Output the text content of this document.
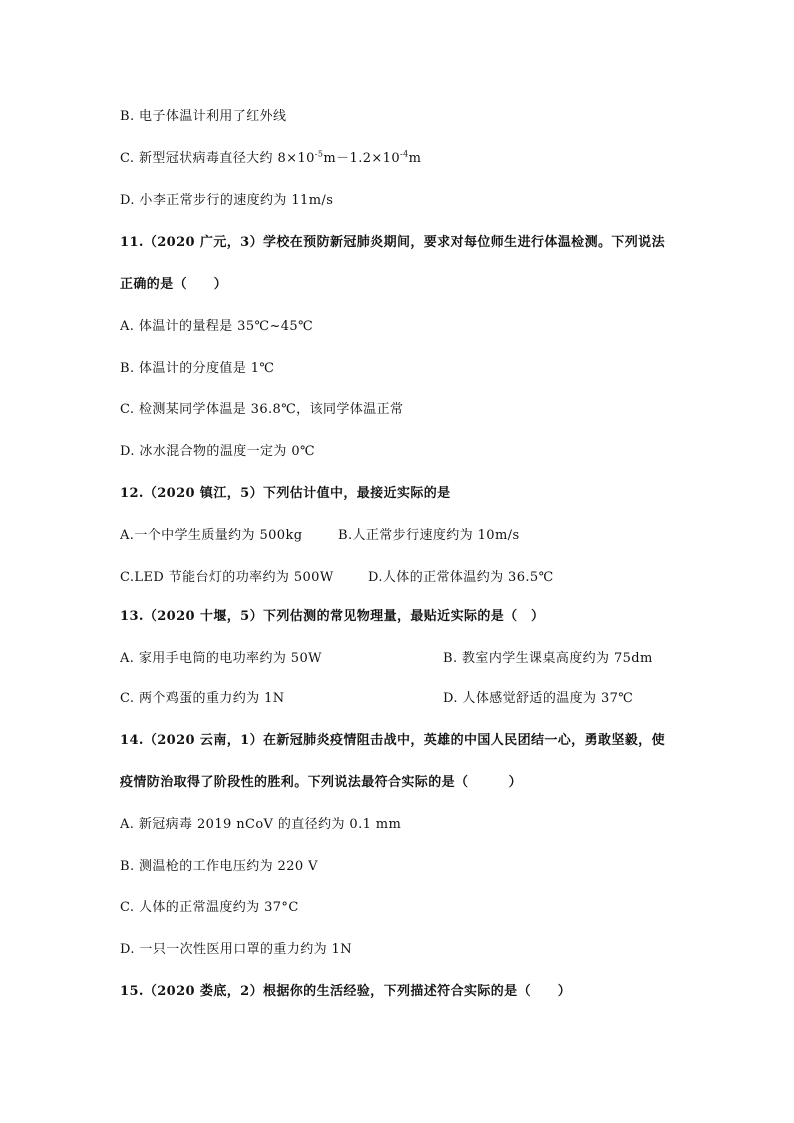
B. 电子体温计利用了红外线
C. 新型冠状病毒直径大约 $8\times 10^{-5}m-1.2\times 10^{-4}m$
D. 小李正常步行的速度约为 11m/s
11.（2020 广元，3）学校在预防新冠肺炎期间，要求对每位师生进行体温检测。下列说法
正确的是（　　）
A. 体温计的量程是 35℃~45℃
B. 体温计的分度值是 1℃
C. 检测某同学体温是 36.8℃，该同学体温正常
D. 冰水混合物的温度一定为 0℃
12.（2020 镇江，5）下列估计值中，最接近实际的是
A.一个中学生质量约为 500kg	B.人正常步行速度约为 10m/s
C.LED 节能台灯的功率约为 500W	D.人体的正常体温约为 36.5℃
13.（2020 十堰，5）下列估测的常见物理量，最贴近实际的是（　）
A. 家用手电筒的电功率约为 50W	B. 教室内学生课桌高度约为 75dm
C. 两个鸡蛋的重力约为 1N	D. 人体感觉舒适的温度为 37℃
14.（2020 云南，1）在新冠肺炎疫情阻击战中，英雄的中国人民团结一心，勇敢坚毅，使
疫情防治取得了阶段性的胜利。下列说法最符合实际的是（　　　）
A. 新冠病毒 2019 nCoV 的直径约为 0.1 mm
B. 测温枪的工作电压约为 220 V
C. 人体的正常温度约为 37°C
D. 一只一次性医用口罩的重力约为 1N
15.（2020 娄底，2）根据你的生活经验，下列描述符合实际的是（　　）
